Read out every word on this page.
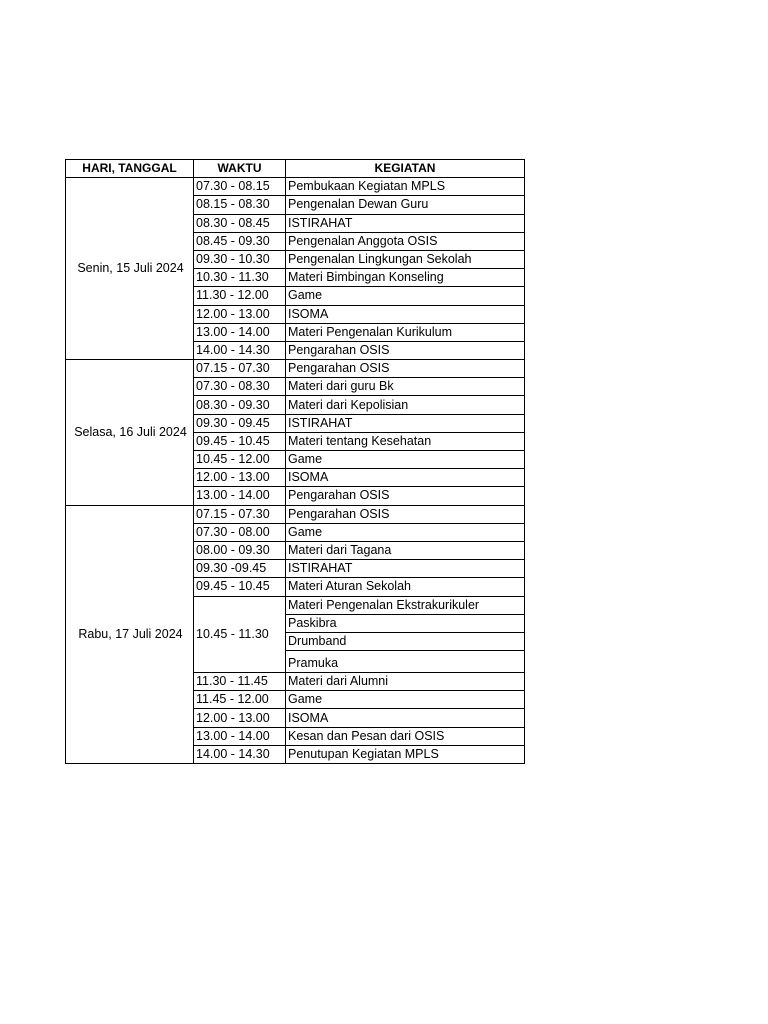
HARI, TANGGAL	WAKTU	KEGIATAN
Senin, 15 Juli 2024	07.30 - 08.15	Pembukaan Kegiatan MPLS
	08.15 - 08.30	Pengenalan Dewan Guru
	08.30 - 08.45	ISTIRAHAT
	08.45 - 09.30	Pengenalan Anggota OSIS
	09.30 - 10.30	Pengenalan Lingkungan Sekolah
	10.30 - 11.30	Materi Bimbingan Konseling
	11.30 - 12.00	Game
	12.00 - 13.00	ISOMA
	13.00 - 14.00	Materi Pengenalan Kurikulum
	14.00 - 14.30	Pengarahan OSIS
Selasa, 16 Juli 2024	07.15 - 07.30	Pengarahan OSIS
	07.30 - 08.30	Materi dari guru Bk
	08.30 - 09.30	Materi dari Kepolisian
	09.30 - 09.45	ISTIRAHAT
	09.45 - 10.45	Materi tentang Kesehatan
	10.45 - 12.00	Game
	12.00 - 13.00	ISOMA
	13.00 - 14.00	Pengarahan OSIS
Rabu, 17 Juli 2024	07.15 - 07.30	Pengarahan OSIS
	07.30 - 08.00	Game
	08.00 - 09.30	Materi dari Tagana
	09.30 -09.45	ISTIRAHAT
	09.45 - 10.45	Materi Aturan Sekolah
	10.45 - 11.30	Materi Pengenalan Ekstrakurikuler
		Paskibra
		Drumband
		Pramuka
	11.30 - 11.45	Materi dari Alumni
	11.45 - 12.00	Game
	12.00 - 13.00	ISOMA
	13.00 - 14.00	Kesan dan Pesan dari OSIS
	14.00 - 14.30	Penutupan Kegiatan MPLS
